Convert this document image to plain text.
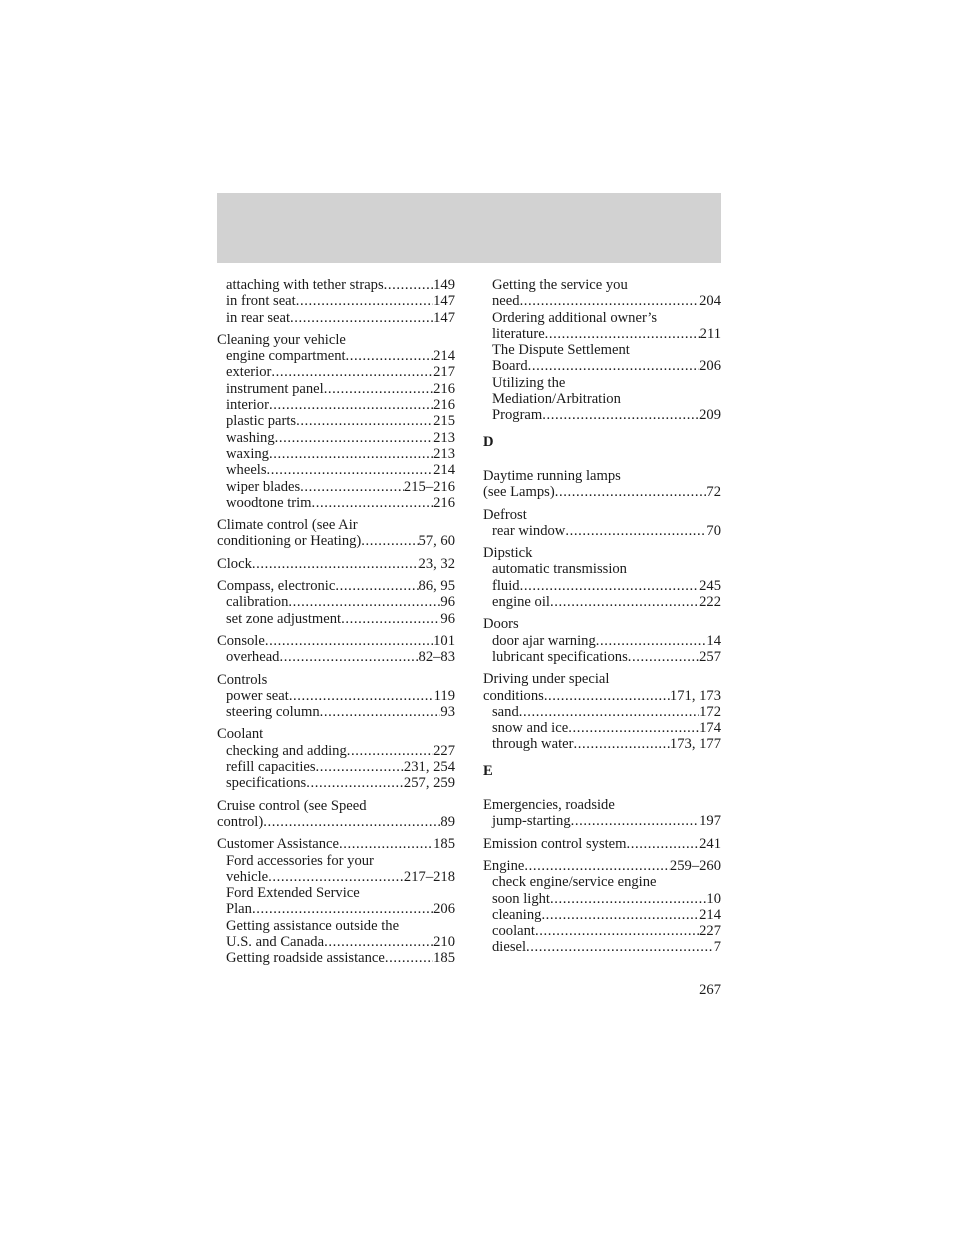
attaching with tether straps .....	149
in front seat .....	147
in rear seat .....	147
Cleaning your vehicle
engine compartment .....	214
exterior .....	217
instrument panel .....	216
interior .....	216
plastic parts .....	215
washing .....	213
waxing .....	213
wheels .....	214
wiper blades .....	215–216
woodtone trim .....	216
Climate control (see Air
conditioning or Heating) .....	57, 60
Clock .....	23, 32
Compass, electronic .....	86, 95
calibration .....	96
set zone adjustment .....	96
Console .....	101
overhead .....	82–83
Controls
power seat .....	119
steering column .....	93
Coolant
checking and adding .....	227
refill capacities .....	231, 254
specifications .....	257, 259
Cruise control (see Speed
control) .....	89
Customer Assistance .....	185
Ford accessories for your
vehicle .....	217–218
Ford Extended Service
Plan .....	206
Getting assistance outside the
U.S. and Canada .....	210
Getting roadside assistance .....	185
Getting the service you
need .....	204
Ordering additional owner’s
literature .....	211
The Dispute Settlement
Board .....	206
Utilizing the
Mediation/Arbitration
Program .....	209
D
Daytime running lamps
(see Lamps) .....	72
Defrost
rear window .....	70
Dipstick
automatic transmission
fluid .....	245
engine oil .....	222
Doors
door ajar warning .....	14
lubricant specifications .....	257
Driving under special
conditions .....	171, 173
sand .....	172
snow and ice .....	174
through water .....	173, 177
E
Emergencies, roadside
jump-starting .....	197
Emission control system .....	241
Engine .....	259–260
check engine/service engine
soon light .....	10
cleaning .....	214
coolant .....	227
diesel .....	7
267
